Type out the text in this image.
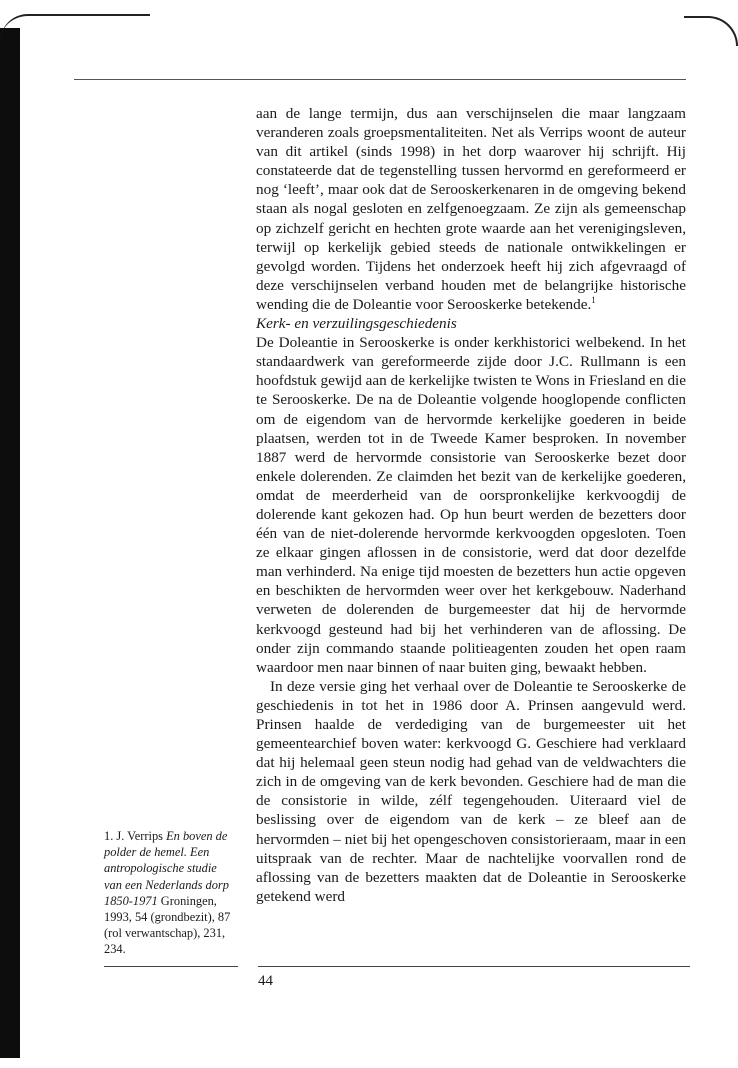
aan de lange termijn, dus aan verschijnselen die maar langzaam veranderen zoals groepsmentaliteiten. Net als Verrips woont de auteur van dit artikel (sinds 1998) in het dorp waarover hij schrijft. Hij constateerde dat de tegenstelling tussen hervormd en gereformeerd er nog ‘leeft’, maar ook dat de Serooskerkenaren in de omgeving bekend staan als nogal gesloten en zelfgenoegzaam. Ze zijn als gemeenschap op zichzelf gericht en hechten grote waarde aan het verenigingsleven, terwijl op kerkelijk gebied steeds de nationale ontwikkelingen er gevolgd worden. Tijdens het onderzoek heeft hij zich afgevraagd of deze verschijnselen verband houden met de belangrijke historische wending die de Doleantie voor Serooskerke betekende.$^1$

Kerk- en verzuilingsgeschiedenis

De Doleantie in Serooskerke is onder kerkhistorici welbekend. In het standaardwerk van gereformeerde zijde door J.C. Rullmann is een hoofdstuk gewijd aan de kerkelijke twisten te Wons in Friesland en die te Serooskerke. De na de Doleantie volgende hooglopende conflicten om de eigendom van de hervormde kerkelijke goederen in beide plaatsen, werden tot in de Tweede Kamer besproken. In november 1887 werd de hervormde consistorie van Serooskerke bezet door enkele dolerenden. Ze claimden het bezit van de kerkelijke goederen, omdat de meerderheid van de oorspronkelijke kerkvoogdij de dolerende kant gekozen had. Op hun beurt werden de bezetters door één van de niet-dolerende hervormde kerkvoogden opgesloten. Toen ze elkaar gingen aflossen in de consistorie, werd dat door dezelfde man verhinderd. Na enige tijd moesten de bezetters hun actie opgeven en beschikten de hervormden weer over het kerkgebouw. Naderhand verweten de dolerenden de burgemeester dat hij de hervormde kerkvoogd gesteund had bij het verhinderen van de aflossing. De onder zijn commando staande politieagenten zouden het open raam waardoor men naar binnen of naar buiten ging, bewaakt hebben.

In deze versie ging het verhaal over de Doleantie te Serooskerke de geschiedenis in tot het in 1986 door A. Prinsen aangevuld werd. Prinsen haalde de verdediging van de burgemeester uit het gemeentearchief boven water: kerkvoogd G. Geschiere had verklaard dat hij helemaal geen steun nodig had gehad van de veldwachters die zich in de omgeving van de kerk bevonden. Geschiere had de man die de consistorie in wilde, zélf tegengehouden. Uiteraard viel de beslissing over de eigendom van de kerk – ze bleef aan de hervormden – niet bij het opengeschoven consistorieraam, maar in een uitspraak van de rechter. Maar de nachtelijke voorvallen rond de aflossing van de bezetters maakten dat de Doleantie in Serooskerke getekend werd

1. J. Verrips En boven de polder de hemel. Een antropologische studie van een Nederlands dorp 1850-1971 Groningen, 1993, 54 (grondbezit), 87 (rol verwantschap), 231, 234.
44
